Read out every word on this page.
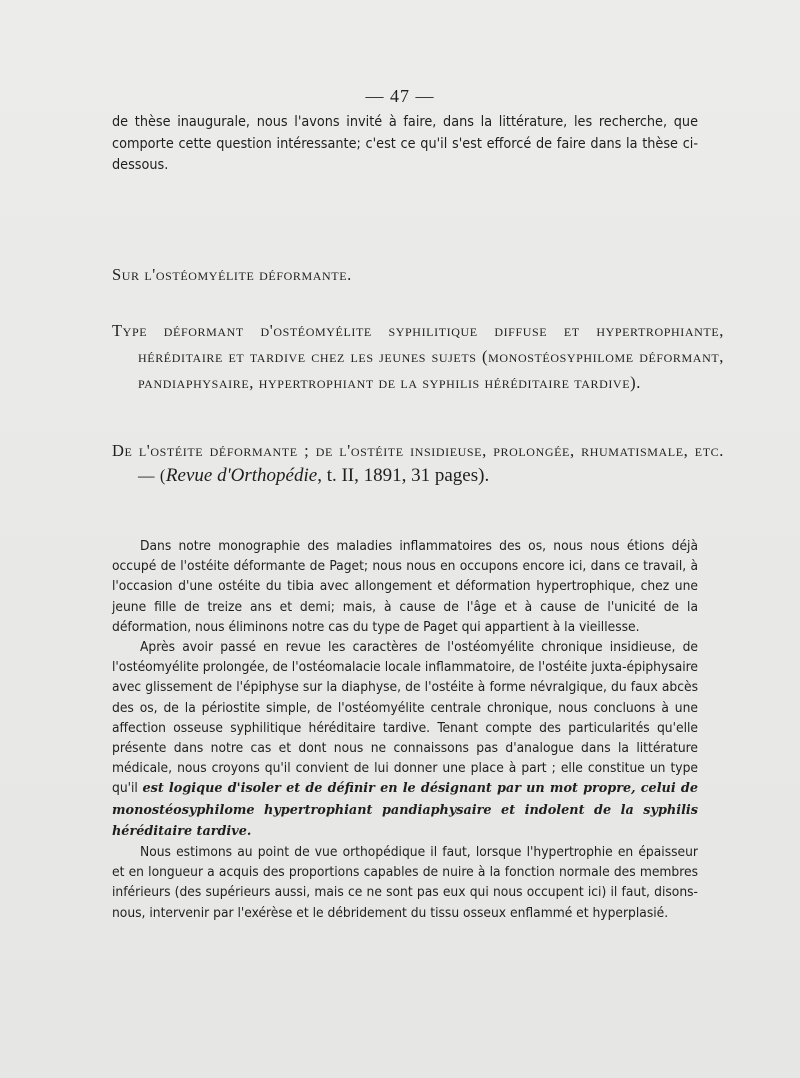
— 47 —
de thèse inaugurale, nous l'avons invité à faire, dans la littérature, les recherche, que comporte cette question intéressante; c'est ce qu'il s'est efforcé de faire dans la thèse ci-dessous.
Sur l'ostéomyélite déformante.
Type déformant d'ostéomyélite syphilitique diffuse et hypertrophiante, héréditaire et tardive chez les jeunes sujets (monostéosyphilome déformant, pandiaphysaire, hypertrophiant de la syphilis héréditaire tardive).
De l'ostéite déformante ; de l'ostéite insidieuse, prolongée, rhumatismale, etc. — (Revue d'Orthopédie, t. II, 1891, 31 pages).

Dans notre monographie des maladies inflammatoires des os, nous nous étions déjà occupé de l'ostéite déformante de Paget; nous nous en occupons encore ici, dans ce travail, à l'occasion d'une ostéite du tibia avec allongement et déformation hypertrophique, chez une jeune fille de treize ans et demi; mais, à cause de l'âge et à cause de l'unicité de la déformation, nous éliminons notre cas du type de Paget qui appartient à la vieillesse.

Après avoir passé en revue les caractères de l'ostéomyélite chronique insidieuse, de l'ostéomyélite prolongée, de l'ostéomalacie locale inflammatoire, de l'ostéite juxta-épiphysaire avec glissement de l'épiphyse sur la diaphyse, de l'ostéite à forme névralgique, du faux abcès des os, de la périostite simple, de l'ostéomyélite centrale chronique, nous concluons à une affection osseuse syphilitique héréditaire tardive. Tenant compte des particularités qu'elle présente dans notre cas et dont nous ne connaissons pas d'analogue dans la littérature médicale, nous croyons qu'il convient de lui donner une place à part ; elle constitue un type qu'il est logique d'isoler et de définir en le désignant par un mot propre, celui de monostéosyphilome hypertrophiant pandiaphysaire et indolent de la syphilis héréditaire tardive.

Nous estimons au point de vue orthopédique il faut, lorsque l'hypertrophie en épaisseur et en longueur a acquis des proportions capables de nuire à la fonction normale des membres inférieurs (des supérieurs aussi, mais ce ne sont pas eux qui nous occupent ici) il faut, disons-nous, intervenir par l'exérèse et le débridement du tissu osseux enflammé et hyperplasié.
